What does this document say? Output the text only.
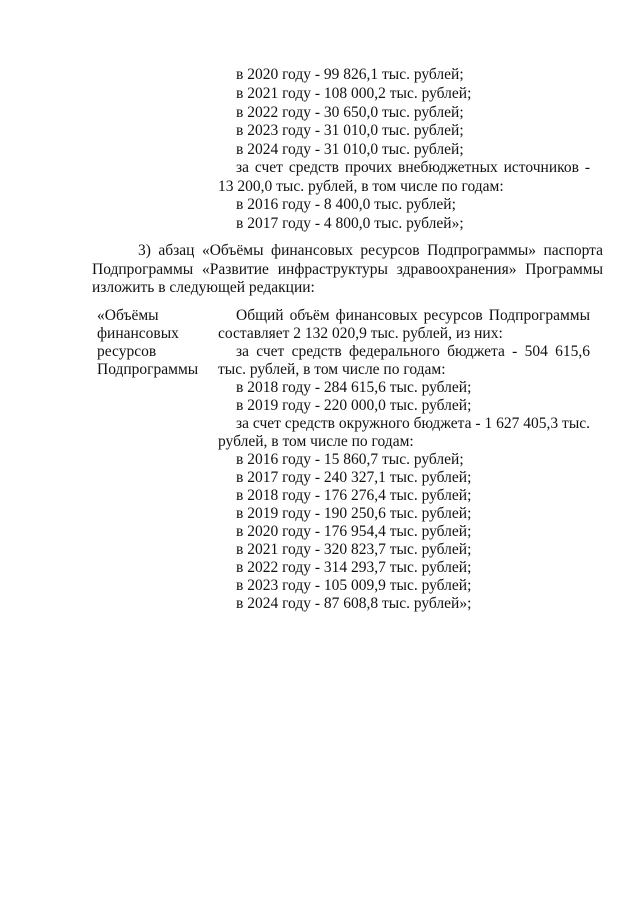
в 2020 году - 99 826,1 тыс. рублей;
в 2021 году - 108 000,2 тыс. рублей;
в 2022 году - 30 650,0 тыс. рублей;
в 2023 году - 31 010,0 тыс. рублей;
в 2024 году - 31 010,0 тыс. рублей;
за счет средств прочих внебюджетных источников -
13 200,0 тыс. рублей, в том числе по годам:
в 2016 году - 8 400,0 тыс. рублей;
в 2017 году - 4 800,0 тыс. рублей»;
3) абзац «Объёмы финансовых ресурсов Подпрограммы» паспорта
Подпрограммы «Развитие инфраструктуры здравоохранения» Программы
изложить в следующей редакции:
«Объёмы
финансовых
ресурсов
Подпрограммы
Общий объём финансовых ресурсов Подпрограммы
составляет 2 132 020,9 тыс. рублей, из них:
за счет средств федерального бюджета - 504 615,6
тыс. рублей, в том числе по годам:
в 2018 году - 284 615,6 тыс. рублей;
в 2019 году - 220 000,0 тыс. рублей;
за счет средств окружного бюджета - 1 627 405,3 тыс.
рублей, в том числе по годам:
в 2016 году - 15 860,7 тыс. рублей;
в 2017 году - 240 327,1 тыс. рублей;
в 2018 году - 176 276,4 тыс. рублей;
в 2019 году - 190 250,6 тыс. рублей;
в 2020 году - 176 954,4 тыс. рублей;
в 2021 году - 320 823,7 тыс. рублей;
в 2022 году - 314 293,7 тыс. рублей;
в 2023 году - 105 009,9 тыс. рублей;
в 2024 году - 87 608,8 тыс. рублей»;
